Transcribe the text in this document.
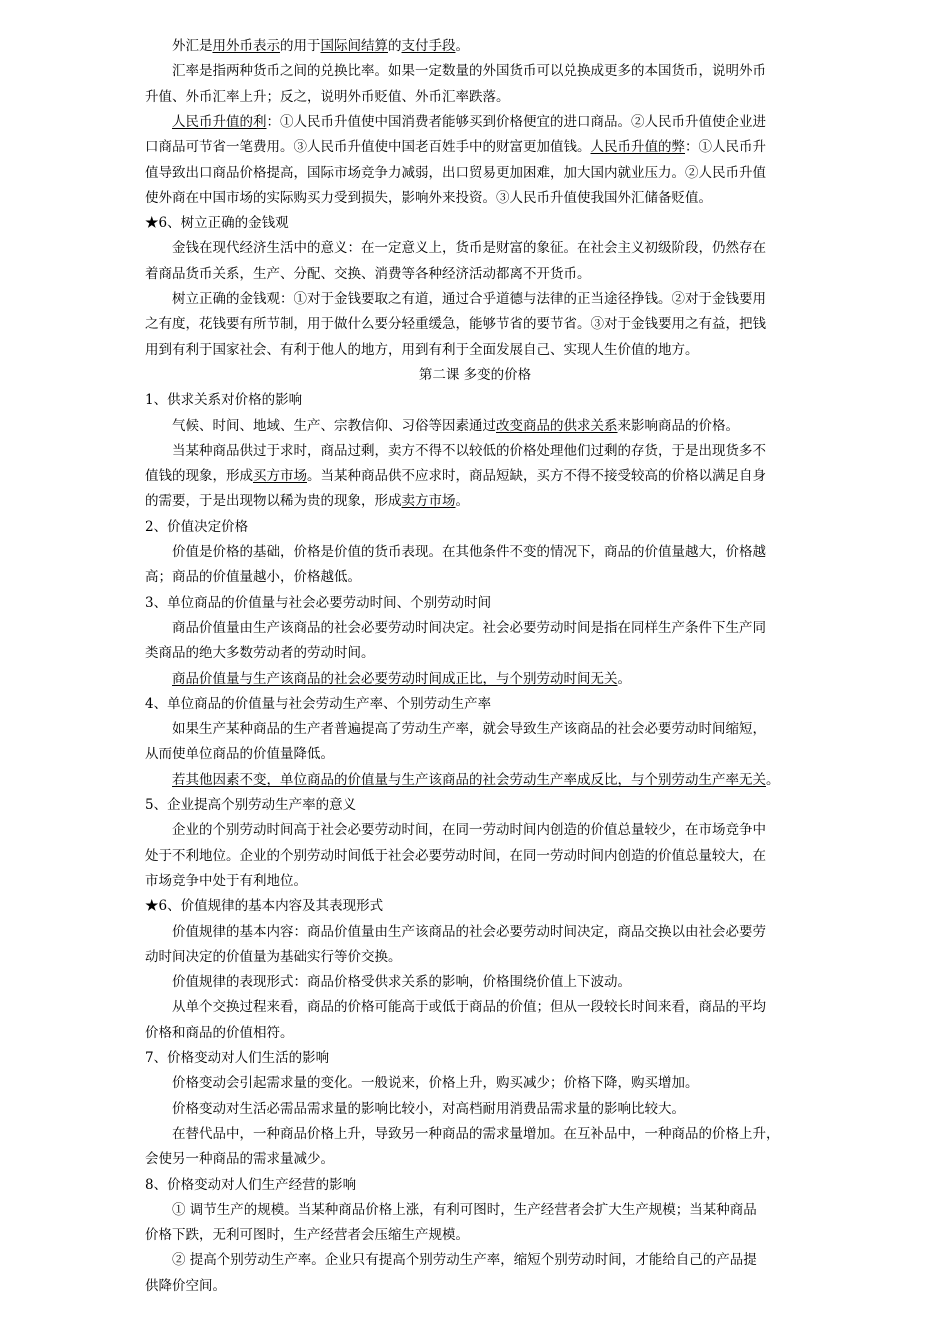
外汇是用外币表示的用于国际间结算的支付手段。
汇率是指两种货币之间的兑换比率。如果一定数量的外国货币可以兑换成更多的本国货币，说明外币
升值、外币汇率上升；反之，说明外币贬值、外币汇率跌落。
人民币升值的利：①人民币升值使中国消费者能够买到价格便宜的进口商品。②人民币升值使企业进
口商品可节省一笔费用。③人民币升值使中国老百姓手中的财富更加值钱。人民币升值的弊：①人民币升
值导致出口商品价格提高，国际市场竞争力减弱，出口贸易更加困难，加大国内就业压力。②人民币升值
使外商在中国市场的实际购买力受到损失，影响外来投资。③人民币升值使我国外汇储备贬值。
★6、树立正确的金钱观
金钱在现代经济生活中的意义：在一定意义上，货币是财富的象征。在社会主义初级阶段，仍然存在
着商品货币关系，生产、分配、交换、消费等各种经济活动都离不开货币。
树立正确的金钱观：①对于金钱要取之有道，通过合乎道德与法律的正当途径挣钱。②对于金钱要用
之有度，花钱要有所节制，用于做什么要分轻重缓急，能够节省的要节省。③对于金钱要用之有益，把钱
用到有利于国家社会、有利于他人的地方，用到有利于全面发展自己、实现人生价值的地方。
第二课 多变的价格
1、供求关系对价格的影响
气候、时间、地域、生产、宗教信仰、习俗等因素通过改变商品的供求关系来影响商品的价格。
当某种商品供过于求时，商品过剩，卖方不得不以较低的价格处理他们过剩的存货，于是出现货多不
值钱的现象，形成买方市场。当某种商品供不应求时，商品短缺，买方不得不接受较高的价格以满足自身
的需要，于是出现物以稀为贵的现象，形成卖方市场。
2、价值决定价格
价值是价格的基础，价格是价值的货币表现。在其他条件不变的情况下，商品的价值量越大，价格越
高；商品的价值量越小，价格越低。
3、单位商品的价值量与社会必要劳动时间、个别劳动时间
商品价值量由生产该商品的社会必要劳动时间决定。社会必要劳动时间是指在同样生产条件下生产同
类商品的绝大多数劳动者的劳动时间。
商品价值量与生产该商品的社会必要劳动时间成正比，与个别劳动时间无关。
4、单位商品的价值量与社会劳动生产率、个别劳动生产率
如果生产某种商品的生产者普遍提高了劳动生产率，就会导致生产该商品的社会必要劳动时间缩短，
从而使单位商品的价值量降低。
若其他因素不变，单位商品的价值量与生产该商品的社会劳动生产率成反比，与个别劳动生产率无关。
5、企业提高个别劳动生产率的意义
企业的个别劳动时间高于社会必要劳动时间，在同一劳动时间内创造的价值总量较少，在市场竞争中
处于不利地位。企业的个别劳动时间低于社会必要劳动时间，在同一劳动时间内创造的价值总量较大，在
市场竞争中处于有利地位。
★6、价值规律的基本内容及其表现形式
价值规律的基本内容：商品价值量由生产该商品的社会必要劳动时间决定，商品交换以由社会必要劳
动时间决定的价值量为基础实行等价交换。
价值规律的表现形式：商品价格受供求关系的影响，价格围绕价值上下波动。
从单个交换过程来看，商品的价格可能高于或低于商品的价值；但从一段较长时间来看，商品的平均
价格和商品的价值相符。
7、价格变动对人们生活的影响
价格变动会引起需求量的变化。一般说来，价格上升，购买减少；价格下降，购买增加。
价格变动对生活必需品需求量的影响比较小，对高档耐用消费品需求量的影响比较大。
在替代品中，一种商品价格上升，导致另一种商品的需求量增加。在互补品中，一种商品的价格上升，
会使另一种商品的需求量减少。
8、价格变动对人们生产经营的影响
① 调节生产的规模。当某种商品价格上涨，有利可图时，生产经营者会扩大生产规模；当某种商品
价格下跌，无利可图时，生产经营者会压缩生产规模。
② 提高个别劳动生产率。企业只有提高个别劳动生产率，缩短个别劳动时间，才能给自己的产品提
供降价空间。
